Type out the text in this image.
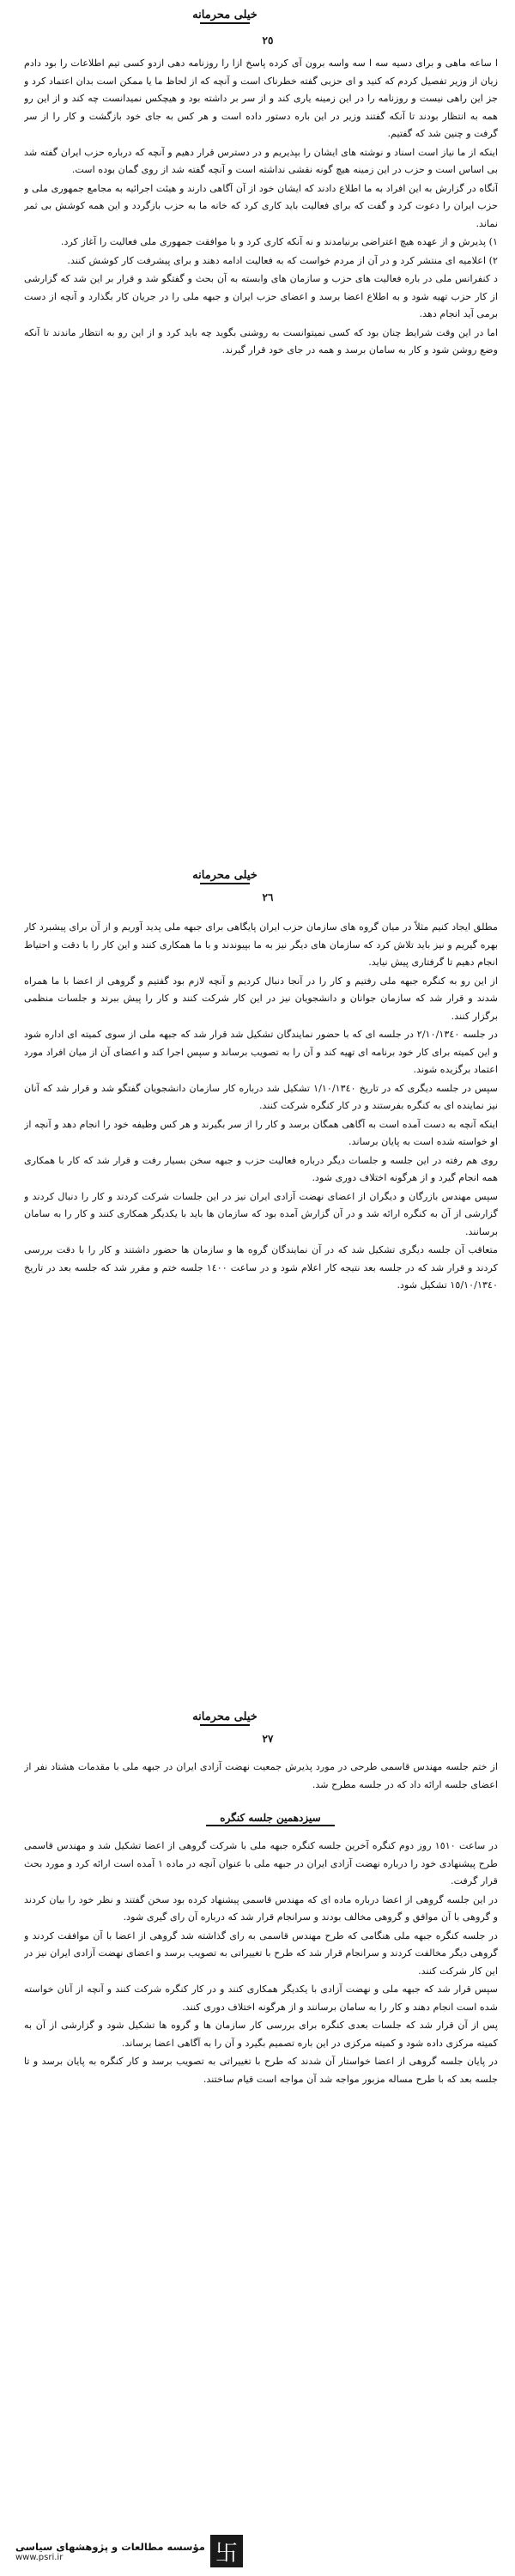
خیلی محرمانه
٢٥

ا ساعه ماهی و برای دسیه سه ا سه واسه برون آی کرده پاسخ ازا را روزنامه دهی ازدو کسی تیم اطلاعات را بود دادم زیان از وزیر تفصیل کردم که کنید و ای حزبی گفته خطرناک است و آنچه که از لحاظ ما یا ممکن است بدان اعتماد کرد و جز این راهی نیست و روزنامه را در این زمینه یاری کند و از سر بر داشته بود و هیچکس نمیدانست چه کند و از این رو همه به انتظار بودند تا آنکه گفتند وزیر در این باره دستور داده است و هر کس به جای خود بازگشت و کار را از سر گرفت و چنین شد که گفتیم.

اینکه از ما نیاز است اسناد و نوشته های ایشان را بپذیریم و در دسترس قرار دهیم و آنچه که درباره حزب ایران گفته شد بی اساس است و حزب در این زمینه هیچ گونه نقشی نداشته است و آنچه گفته شد از روی گمان بوده است.

آنگاه در گزارش به این افراد به ما اطلاع دادند که ایشان خود از آن آگاهی دارند و هیئت اجرائیه به مجامع جمهوری ملی و حزب ایران را دعوت کرد و گفت که برای فعالیت باید کاری کرد که خانه ما به حزب بازگردد و این همه کوشش بی ثمر نماند.

١) پذیرش و از عهده هیچ اعتراضی برنیامدند و نه آنکه کاری کرد و با موافقت جمهوری ملی فعالیت را آغاز کرد.

٢) اعلامیه ای منتشر کرد و در آن از مردم خواست که به فعالیت ادامه دهند و برای پیشرفت کار کوشش کنند.

د کنفرانس ملی در باره فعالیت های حزب و سازمان های وابسته به آن بحث و گفتگو شد و قرار بر این شد که گزارشی از کار حزب تهیه شود و به اطلاع اعضا برسد و اعضای حزب ایران و جبهه ملی را در جریان کار بگذارد و آنچه از دست برمی آید انجام دهد.

اما در این وقت شرایط چنان بود که کسی نمیتوانست به روشنی بگوید چه باید کرد و از این رو به انتظار ماندند تا آنکه وضع روشن شود و کار به سامان برسد و همه در جای خود قرار گیرند.

خیلی محرمانه
٢٦

مطلق ایجاد کنیم مثلاً در میان گروه های سازمان حزب ایران پایگاهی برای جبهه ملی پدید آوریم و از آن برای پیشبرد کار بهره گیریم و نیز باید تلاش کرد که سازمان های دیگر نیز به ما بپیوندند و با ما همکاری کنند و این کار را با دقت و احتیاط انجام دهیم تا گرفتاری پیش نیاید.

از این رو به کنگره جبهه ملی رفتیم و کار را در آنجا دنبال کردیم و آنچه لازم بود گفتیم و گروهی از اعضا با ما همراه شدند و قرار شد که سازمان جوانان و دانشجویان نیز در این کار شرکت کنند و کار را پیش ببرند و جلسات منظمی برگزار کنند.

در جلسه ٢/١٠/١٣٤٠ در جلسه ای که با حضور نمایندگان تشکیل شد قرار شد که جبهه ملی از سوی کمیته ای اداره شود و این کمیته برای کار خود برنامه ای تهیه کند و آن را به تصویب برساند و سپس اجرا کند و اعضای آن از میان افراد مورد اعتماد برگزیده شوند.

سپس در جلسه دیگری که در تاریخ ١/١٠/١٣٤٠ تشکیل شد درباره کار سازمان دانشجویان گفتگو شد و قرار شد که آنان نیز نماینده ای به کنگره بفرستند و در کار کنگره شرکت کنند.

اینکه آنچه به دست آمده است به آگاهی همگان برسد و کار را از سر بگیرند و هر کس وظیفه خود را انجام دهد و آنچه از او خواسته شده است به پایان برساند.

روی هم رفته در این جلسه و جلسات دیگر درباره فعالیت حزب و جبهه سخن بسیار رفت و قرار شد که کار با همکاری همه انجام گیرد و از هرگونه اختلاف دوری شود.

سپس مهندس بازرگان و دیگران از اعضای نهضت آزادی ایران نیز در این جلسات شرکت کردند و کار را دنبال کردند و گزارشی از آن به کنگره ارائه شد و در آن گزارش آمده بود که سازمان ها باید با یکدیگر همکاری کنند و کار را به سامان برسانند.

متعاقب آن جلسه دیگری تشکیل شد که در آن نمایندگان گروه ها و سازمان ها حضور داشتند و کار را با دقت بررسی کردند و قرار شد که در جلسه بعد نتیجه کار اعلام شود و در ساعت ١٤٠٠ جلسه ختم و مقرر شد که جلسه بعد در تاریخ ١٥/١٠/١٣٤٠ تشکیل شود.

خیلی محرمانه
٢٧

از ختم جلسه مهندس قاسمی طرحی در مورد پذیرش جمعیت نهضت آزادی ایران در جبهه ملی با مقدمات هشتاد نفر از اعضای جلسه ارائه داد که در جلسه مطرح شد.

سیزدهمین جلسه کنگره

در ساعت ١٥١٠ روز دوم کنگره آخرین جلسه کنگره جبهه ملی با شرکت گروهی از اعضا تشکیل شد و مهندس قاسمی طرح پیشنهادی خود را درباره نهضت آزادی ایران در جبهه ملی با عنوان آنچه در ماده ١ آمده است ارائه کرد و مورد بحث قرار گرفت.

در این جلسه گروهی از اعضا درباره ماده ای که مهندس قاسمی پیشنهاد کرده بود سخن گفتند و نظر خود را بیان کردند و گروهی با آن موافق و گروهی مخالف بودند و سرانجام قرار شد که درباره آن رای گیری شود.

در جلسه کنگره جبهه ملی هنگامی که طرح مهندس قاسمی به رای گذاشته شد گروهی از اعضا با آن موافقت کردند و گروهی دیگر مخالفت کردند و سرانجام قرار شد که طرح با تغییراتی به تصویب برسد و اعضای نهضت آزادی ایران نیز در این کار شرکت کنند.

سپس قرار شد که جبهه ملی و نهضت آزادی با یکدیگر همکاری کنند و در کار کنگره شرکت کنند و آنچه از آنان خواسته شده است انجام دهند و کار را به سامان برسانند و از هرگونه اختلاف دوری کنند.

پس از آن قرار شد که جلسات بعدی کنگره برای بررسی کار سازمان ها و گروه ها تشکیل شود و گزارشی از آن به کمیته مرکزی داده شود و کمیته مرکزی در این باره تصمیم بگیرد و آن را به آگاهی اعضا برساند.

در پایان جلسه گروهی از اعضا خواستار آن شدند که طرح با تغییراتی به تصویب برسد و کار کنگره به پایان برسد و تا جلسه بعد که با طرح مساله مزبور مواجه شد آن مواجه است قیام ساختند.

卐
مؤسسه مطالعات و پژوهشهای سیاسی
www.psri.ir
